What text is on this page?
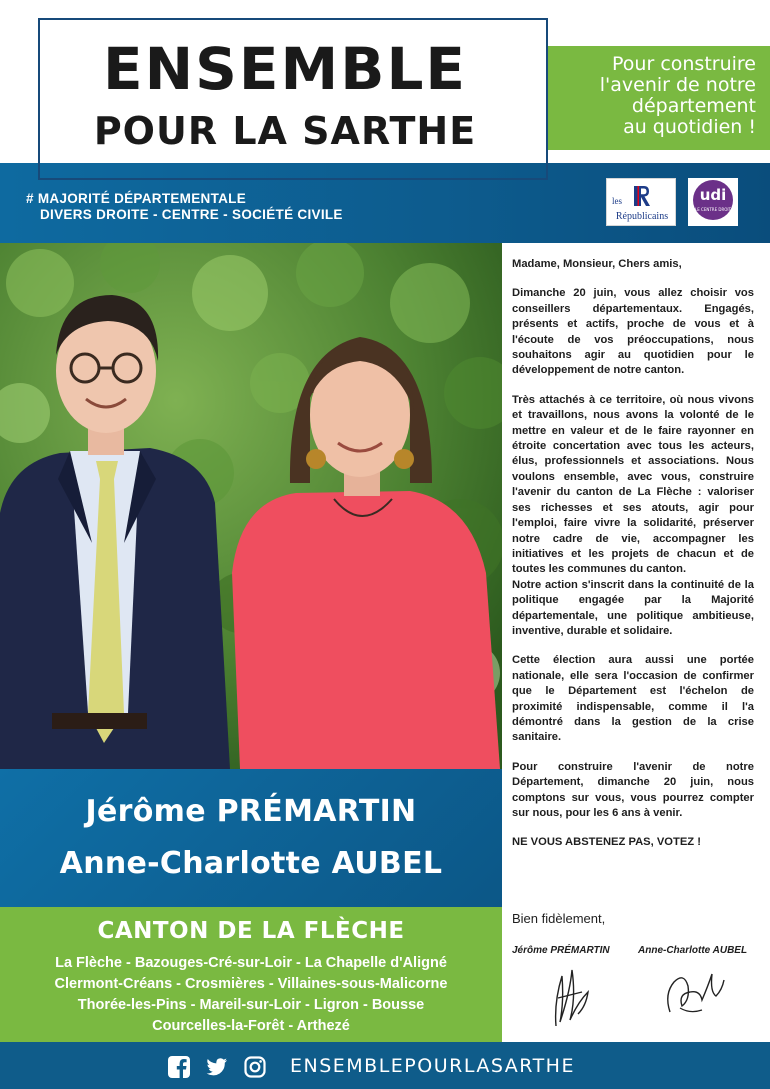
ENSEMBLE
POUR LA SARTHE
Pour construire
l'avenir de notre
département
au quotidien !
# MAJORITÉ DÉPARTEMENTALE
DIVERS DROITE - CENTRE - SOCIÉTÉ CIVILE
les
Républicains
udi
LE CENTRE DROIT
Jérôme PRÉMARTIN
Anne-Charlotte AUBEL
CANTON DE LA FLÈCHE
La Flèche - Bazouges-Cré-sur-Loir - La Chapelle d'Aligné
Clermont-Créans - Crosmières - Villaines-sous-Malicorne
Thorée-les-Pins - Mareil-sur-Loir - Ligron - Bousse
Courcelles-la-Forêt - Arthezé

Madame, Monsieur, Chers amis,

Dimanche 20 juin, vous allez choisir vos conseillers départementaux. Engagés, présents et actifs, proche de vous et à l'écoute de vos préoccupations, nous souhaitons agir au quotidien pour le développement de notre canton.

Très attachés à ce territoire, où nous vivons et travaillons, nous avons la volonté de le mettre en valeur et de le faire rayonner en étroite concertation avec tous les acteurs, élus, professionnels et associations. Nous voulons ensemble, avec vous, construire l'avenir du canton de La Flèche : valoriser ses richesses et ses atouts, agir pour l'emploi, faire vivre la solidarité, préserver notre cadre de vie, accompagner les initiatives et les projets de chacun et de toutes les communes du canton.

Notre action s'inscrit dans la continuité de la politique engagée par la Majorité départementale, une politique ambitieuse, inventive, durable et solidaire.

Cette élection aura aussi une portée nationale, elle sera l'occasion de confirmer que le Département est l'échelon de proximité indispensable, comme il l'a démontré dans la gestion de la crise sanitaire.

Pour construire l'avenir de notre Département, dimanche 20 juin, nous comptons sur vous, vous pourrez compter sur nous, pour les 6 ans à venir.

NE VOUS ABSTENEZ PAS, VOTEZ !

Bien fidèlement,
Jérôme PRÉMARTIN	Anne-Charlotte AUBEL
ENSEMBLEPOURLASARTHE
